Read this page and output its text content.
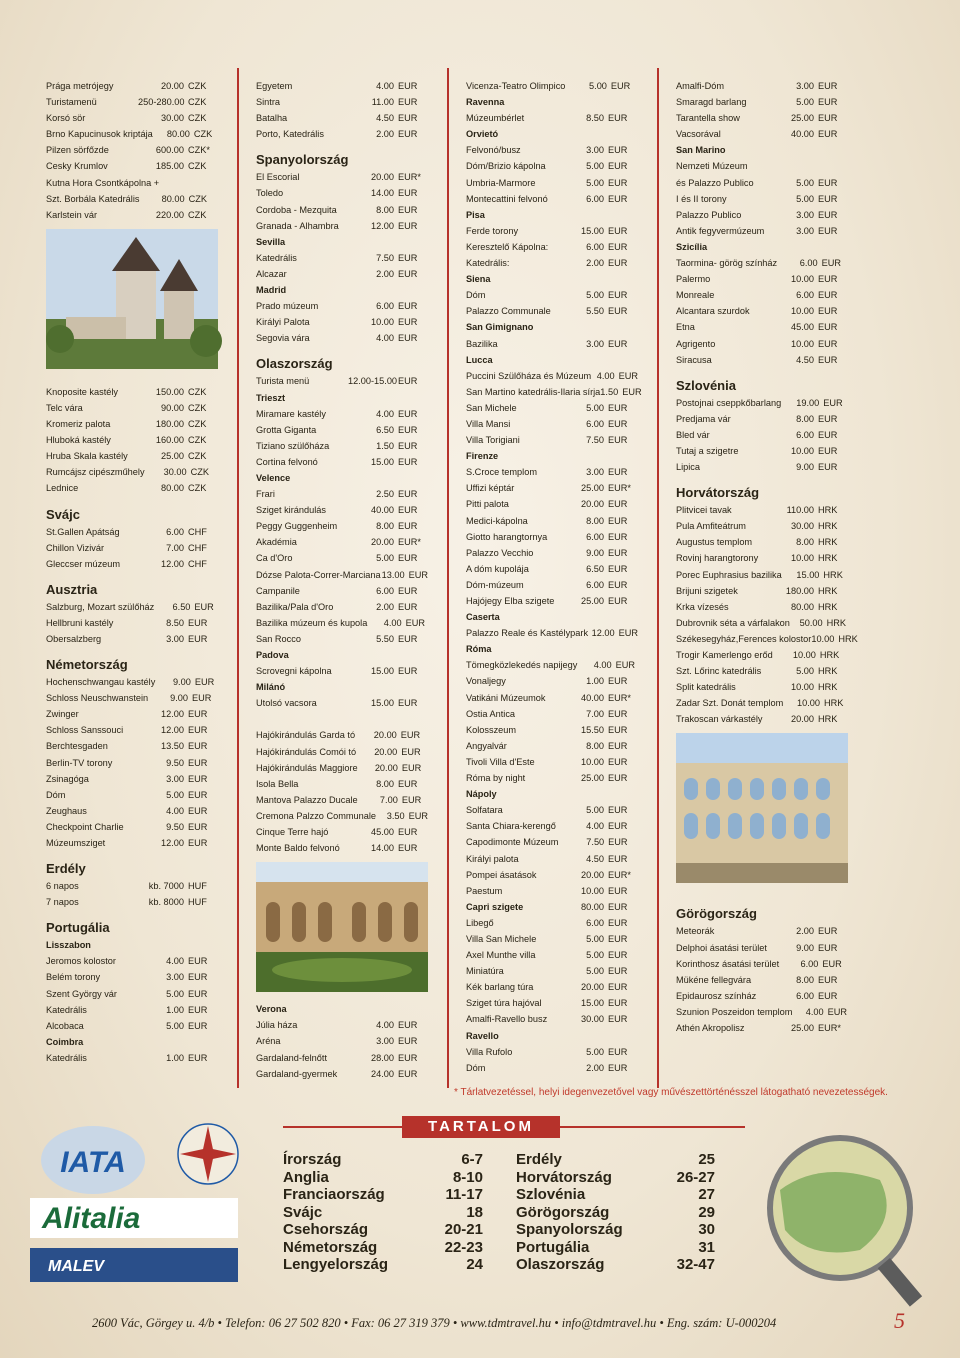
Prága metrójegy	20.00 CZK
Turistamenü	250-280.00 CZK
Korsó sör	30.00 CZK
Brno Kapucinusok kriptája	80.00 CZK
Pilzen sörfőzde	600.00 CZK*
Cesky Krumlov	185.00 CZK
Kutna Hora Csontkápolna +
Szt. Borbála Katedrális	80.00 CZK
Karlstein vár	220.00 CZK
Knoposite kastély	150.00 CZK
Telc vára	90.00 CZK
Kromeriz palota	180.00 CZK
Hluboká kastély	160.00 CZK
Hruba Skala kastély	25.00 CZK
Rumcájsz cipészműhely	30.00 CZK
Lednice	80.00 CZK
Svájc
St.Gallen Apátság	6.00 CHF
Chillon Vizivár	7.00 CHF
Gleccser múzeum	12.00 CHF
Ausztria
Salzburg, Mozart szülőház	6.50 EUR
Hellbruni kastély	8.50 EUR
Obersalzberg	3.00 EUR
Németország
Hochenschwangau kastély	9.00 EUR
Schloss Neuschwanstein	9.00 EUR
Zwinger	12.00 EUR
Schloss Sanssouci	12.00 EUR
Berchtesgaden	13.50 EUR
Berlin-TV torony	9.50 EUR
Zsinagóga	3.00 EUR
Dóm	5.00 EUR
Zeughaus	4.00 EUR
Checkpoint Charlie	9.50 EUR
Múzeumsziget	12.00 EUR
Erdély
6 napos	kb. 7000 HUF
7 napos	kb. 8000 HUF
Portugália
Lisszabon
Jeromos kolostor	4.00 EUR
Belém torony	3.00 EUR
Szent György vár	5.00 EUR
Katedrális	1.00 EUR
Alcobaca	5.00 EUR
Coimbra
Katedrális	1.00 EUR
Egyetem	4.00 EUR
Sintra	11.00 EUR
Batalha	4.50 EUR
Porto, Katedrális	2.00 EUR
Spanyolország
El Escorial	20.00 EUR*
Toledo	14.00 EUR
Cordoba - Mezquita	8.00 EUR
Granada - Alhambra	12.00 EUR
Sevilla
Katedrális	7.50 EUR
Alcazar	2.00 EUR
Madrid
Prado múzeum	6.00 EUR
Királyi Palota	10.00 EUR
Segovia vára	4.00 EUR
Olaszország
Turista menü	12.00-15.00 EUR
Trieszt
Miramare kastély	4.00 EUR
Grotta Giganta	6.50 EUR
Tiziano szülőháza	1.50 EUR
Cortina felvonó	15.00 EUR
Velence
Frari	2.50 EUR
Sziget kirándulás	40.00 EUR
Peggy Guggenheim	8.00 EUR
Akadémia	20.00 EUR*
Ca d'Oro	5.00 EUR
Dózse Palota-Correr-Marciana 13.00 EUR
Campanile	6.00 EUR
Bazilika/Pala d'Oro	2.00 EUR
Bazilika múzeum és kupola	4.00 EUR
San Rocco	5.50 EUR
Padova
Scrovegni kápolna	15.00 EUR
Milánó
Utolsó vacsora	15.00 EUR
Hajókirándulás Garda tó	20.00 EUR
Hajókirándulás Comói tó	20.00 EUR
Hajókirándulás Maggiore	20.00 EUR
Isola Bella	8.00 EUR
Mantova Palazzo Ducale	7.00 EUR
Cremona Palzzo Communale	3.50 EUR
Cinque Terre hajó	45.00 EUR
Monte Baldo felvonó	14.00 EUR
Verona
Júlia háza	4.00 EUR
Aréna	3.00 EUR
Gardaland-felnőtt	28.00 EUR
Gardaland-gyermek	24.00 EUR
Vicenza-Teatro Olimpico	5.00 EUR
Ravenna
Múzeumbérlet	8.50 EUR
Orvietó
Felvonó/busz	3.00 EUR
Dóm/Brizio kápolna	5.00 EUR
Umbria-Marmore	5.00 EUR
Montecattini felvonó	6.00 EUR
Pisa
Ferde torony	15.00 EUR
Keresztelő Kápolna:	6.00 EUR
Katedrális:	2.00 EUR
Siena
Dóm	5.00 EUR
Palazzo Communale	5.50 EUR
San Gimignano
Bazilika	3.00 EUR
Lucca
Puccini Szülőháza és Múzeum 4.00 EUR
San Martino katedrális-Ilaria sírja 1.50 EUR
San Michele	5.00 EUR
Villa Mansi	6.00 EUR
Villa Torigiani	7.50 EUR
Firenze
S.Croce templom	3.00 EUR
Uffizi képtár	25.00 EUR*
Pitti palota	20.00 EUR
Medici-kápolna	8.00 EUR
Giotto harangtornya	6.00 EUR
Palazzo Vecchio	9.00 EUR
A dóm kupolája	6.50 EUR
Dóm-múzeum	6.00 EUR
Hajójegy Elba szigete	25.00 EUR
Caserta
Palazzo Reale és Kastélypark 12.00 EUR
Róma
Tömegközlekedés napijegy	4.00 EUR
Vonaljegy	1.00 EUR
Vatikáni Múzeumok	40.00 EUR*
Ostia Antica	7.00 EUR
Kolosszeum	15.50 EUR
Angyalvár	8.00 EUR
Tivoli Villa d'Este	10.00 EUR
Róma by night	25.00 EUR
Nápoly
Solfatara	5.00 EUR
Santa Chiara-kerengő	4.00 EUR
Capodimonte Múzeum	7.50 EUR
Királyi palota	4.50 EUR
Pompei ásatások	20.00 EUR*
Paestum	10.00 EUR
Capri szigete	80.00 EUR
Libegő	6.00 EUR
Villa San Michele	5.00 EUR
Axel Munthe villa	5.00 EUR
Miniatúra	5.00 EUR
Kék barlang túra	20.00 EUR
Sziget túra hajóval	15.00 EUR
Amalfi-Ravello busz	30.00 EUR
Ravello
Villa Rufolo	5.00 EUR
Dóm	2.00 EUR
Amalfi-Dóm	3.00 EUR
Smaragd barlang	5.00 EUR
Tarantella show	25.00 EUR
Vacsorával	40.00 EUR
San Marino
Nemzeti Múzeum
és Palazzo Publico	5.00 EUR
I és II torony	5.00 EUR
Palazzo Publico	3.00 EUR
Antik fegyvermúzeum	3.00 EUR
Szicília
Taormina- görög színház	6.00 EUR
Palermo	10.00 EUR
Monreale	6.00 EUR
Alcantara szurdok	10.00 EUR
Etna	45.00 EUR
Agrigento	10.00 EUR
Siracusa	4.50 EUR
Szlovénia
Postojnai cseppkőbarlang	19.00 EUR
Predjama vár	8.00 EUR
Bled vár	6.00 EUR
Tutaj a szigetre	10.00 EUR
Lipica	9.00 EUR
Horvátország
Plitvicei tavak	110.00 HRK
Pula Amfiteátrum	30.00 HRK
Augustus templom	8.00 HRK
Rovinj harangtorony	10.00 HRK
Porec Euphrasius bazilika	15.00 HRK
Brijuni szigetek	180.00 HRK
Krka vízesés	80.00 HRK
Dubrovnik séta a várfalakon	50.00 HRK
Székesegyház,Ferences kolostor 10.00 HRK
Trogir Kamerlengo erőd	10.00 HRK
Szt. Lőrinc katedrális	5.00 HRK
Split katedrális	10.00 HRK
Zadar Szt. Donát templom	10.00 HRK
Trakoscan várkastély	20.00 HRK
Görögország
Meteorák	2.00 EUR
Delphoi ásatási terület	9.00 EUR
Korinthosz ásatási terület	6.00 EUR
Mükéne fellegvára	8.00 EUR
Epidaurosz színház	6.00 EUR
Szunion Poszeidon templom	4.00 EUR
Athén Akropolisz	25.00 EUR*
* Tárlatvezetéssel, helyi idegenvezetővel vagy művészettörténésszel látogatható nevezetességek.
IATA
Alitalia
MALEV
TARTALOM
Írország	6-7
Anglia	8-10
Franciaország	11-17
Svájc	18
Csehország	20-21
Németország	22-23
Lengyelország	24
Erdély	25
Horvátország	26-27
Szlovénia	27
Görögország	29
Spanyolország	30
Portugália	31
Olaszország	32-47
2600 Vác, Görgey u. 4/b • Telefon: 06 27 502 820 • Fax: 06 27 319 379 • www.tdmtravel.hu • info@tdmtravel.hu • Eng. szám: U-000204	5
